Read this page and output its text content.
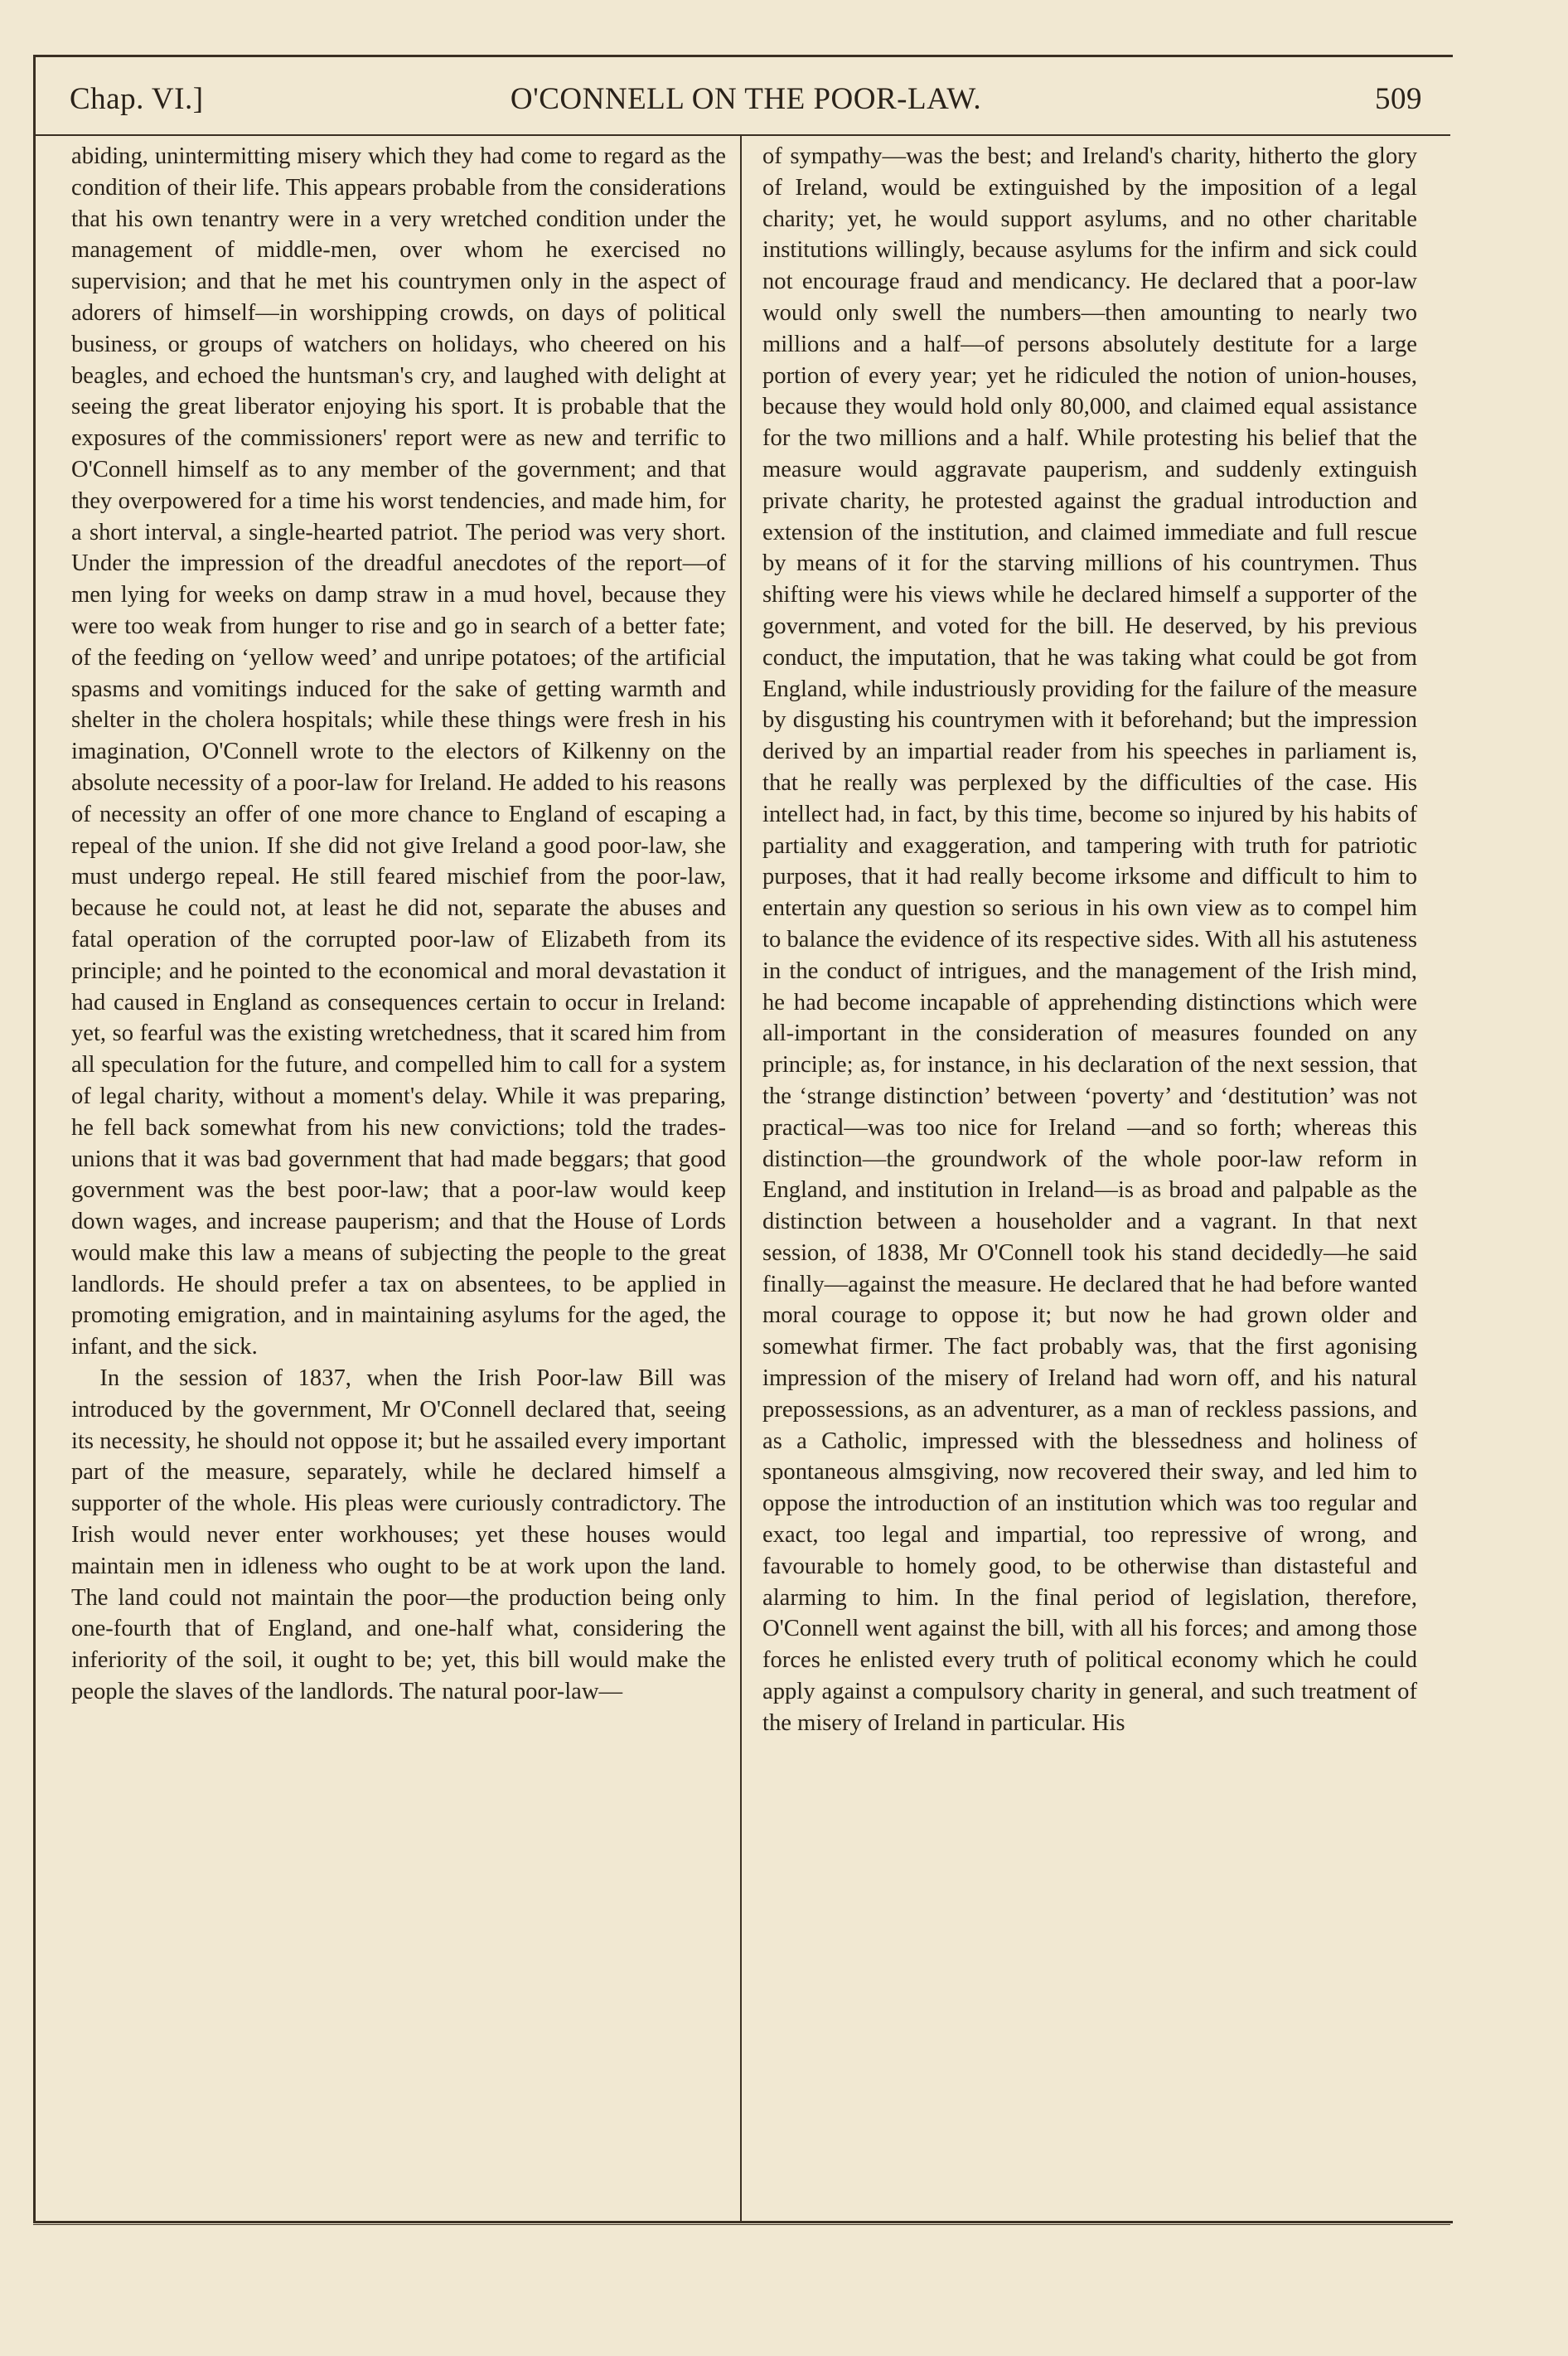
Chap. VI.]	O'CONNELL ON THE POOR-LAW.	509

abiding, unintermitting misery which they had come to regard as the condition of their life. This appears probable from the considerations that his own tenantry were in a very wretched condition under the management of middle-men, over whom he exercised no supervision; and that he met his countrymen only in the aspect of adorers of himself—in worshipping crowds, on days of political business, or groups of watchers on holidays, who cheered on his beagles, and echoed the huntsman's cry, and laughed with delight at seeing the great liberator enjoying his sport. It is probable that the exposures of the commissioners' report were as new and terrific to O'Connell himself as to any member of the government; and that they overpowered for a time his worst tendencies, and made him, for a short interval, a single-hearted patriot. The period was very short. Under the impression of the dreadful anecdotes of the report—of men lying for weeks on damp straw in a mud hovel, because they were too weak from hunger to rise and go in search of a better fate; of the feeding on ‘yellow weed’ and unripe potatoes; of the artificial spasms and vomitings induced for the sake of getting warmth and shelter in the cholera hospitals; while these things were fresh in his imagination, O'Connell wrote to the electors of Kilkenny on the absolute necessity of a poor-law for Ireland. He added to his reasons of necessity an offer of one more chance to England of escaping a repeal of the union. If she did not give Ireland a good poor-law, she must undergo repeal. He still feared mischief from the poor-law, because he could not, at least he did not, separate the abuses and fatal operation of the corrupted poor-law of Elizabeth from its principle; and he pointed to the economical and moral devastation it had caused in England as consequences certain to occur in Ireland: yet, so fearful was the existing wretchedness, that it scared him from all speculation for the future, and compelled him to call for a system of legal charity, without a moment's delay. While it was preparing, he fell back somewhat from his new convictions; told the trades-unions that it was bad government that had made beggars; that good government was the best poor-law; that a poor-law would keep down wages, and increase pauperism; and that the House of Lords would make this law a means of subjecting the people to the great landlords. He should prefer a tax on absentees, to be applied in promoting emigration, and in maintaining asylums for the aged, the infant, and the sick.

In the session of 1837, when the Irish Poor-law Bill was introduced by the government, Mr O'Connell declared that, seeing its necessity, he should not oppose it; but he assailed every important part of the measure, separately, while he declared himself a supporter of the whole. His pleas were curiously contradictory. The Irish would never enter workhouses; yet these houses would maintain men in idleness who ought to be at work upon the land. The land could not maintain the poor—the production being only one-fourth that of England, and one-half what, considering the inferiority of the soil, it ought to be; yet, this bill would make the people the slaves of the landlords. The natural poor-law—

of sympathy—was the best; and Ireland's charity, hitherto the glory of Ireland, would be extinguished by the imposition of a legal charity; yet, he would support asylums, and no other charitable institutions willingly, because asylums for the infirm and sick could not encourage fraud and mendicancy. He declared that a poor-law would only swell the numbers—then amounting to nearly two millions and a half—of persons absolutely destitute for a large portion of every year; yet he ridiculed the notion of union-houses, because they would hold only 80,000, and claimed equal assistance for the two millions and a half. While protesting his belief that the measure would aggravate pauperism, and suddenly extinguish private charity, he protested against the gradual introduction and extension of the institution, and claimed immediate and full rescue by means of it for the starving millions of his countrymen. Thus shifting were his views while he declared himself a supporter of the government, and voted for the bill. He deserved, by his previous conduct, the imputation, that he was taking what could be got from England, while industriously providing for the failure of the measure by disgusting his countrymen with it beforehand; but the impression derived by an impartial reader from his speeches in parliament is, that he really was perplexed by the difficulties of the case. His intellect had, in fact, by this time, become so injured by his habits of partiality and exaggeration, and tampering with truth for patriotic purposes, that it had really become irksome and difficult to him to entertain any question so serious in his own view as to compel him to balance the evidence of its respective sides. With all his astuteness in the conduct of intrigues, and the management of the Irish mind, he had become incapable of apprehending distinctions which were all-important in the consideration of measures founded on any principle; as, for instance, in his declaration of the next session, that the ‘strange distinction’ between ‘poverty’ and ‘destitution’ was not practical—was too nice for Ireland —and so forth; whereas this distinction—the groundwork of the whole poor-law reform in England, and institution in Ireland—is as broad and palpable as the distinction between a householder and a vagrant. In that next session, of 1838, Mr O'Connell took his stand decidedly—he said finally—against the measure. He declared that he had before wanted moral courage to oppose it; but now he had grown older and somewhat firmer. The fact probably was, that the first agonising impression of the misery of Ireland had worn off, and his natural prepossessions, as an adventurer, as a man of reckless passions, and as a Catholic, impressed with the blessedness and holiness of spontaneous almsgiving, now recovered their sway, and led him to oppose the introduction of an institution which was too regular and exact, too legal and impartial, too repressive of wrong, and favourable to homely good, to be otherwise than distasteful and alarming to him. In the final period of legislation, therefore, O'Connell went against the bill, with all his forces; and among those forces he enlisted every truth of political economy which he could apply against a compulsory charity in general, and such treatment of the misery of Ireland in particular. His
